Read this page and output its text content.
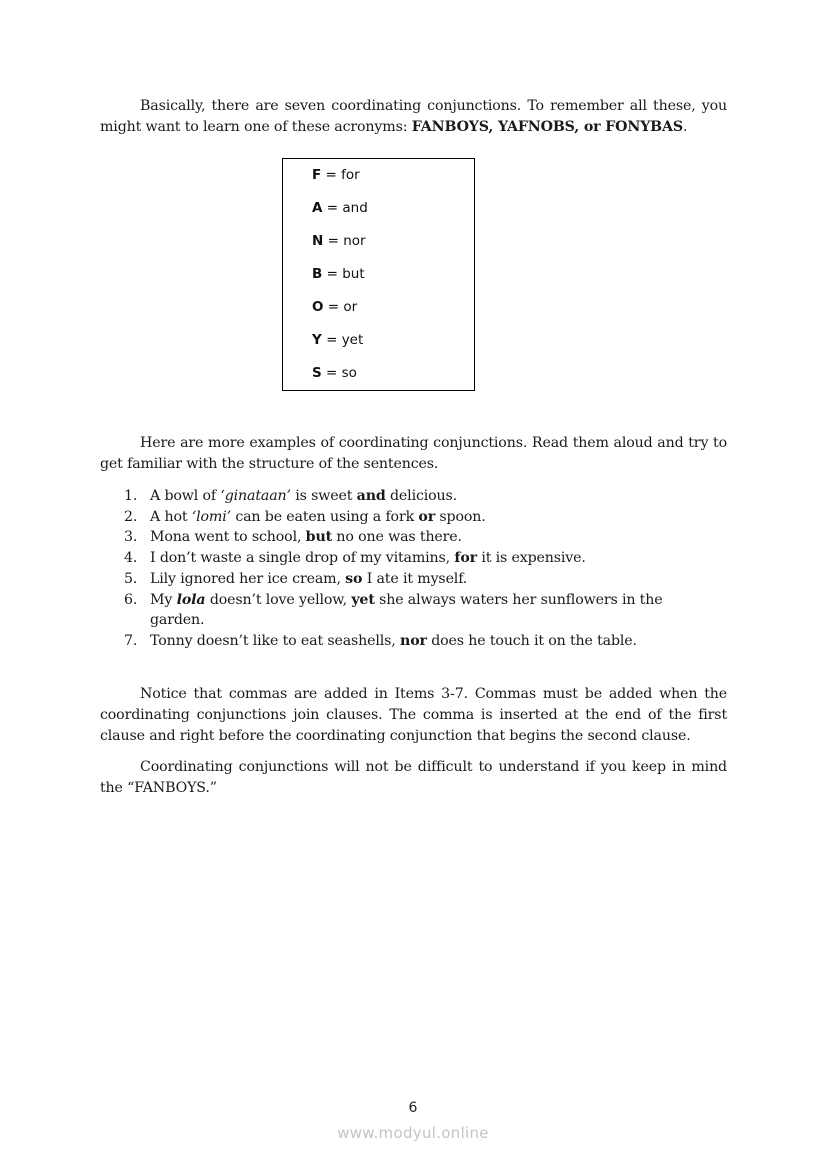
Basically, there are seven coordinating conjunctions. To remember all these, you might want to learn one of these acronyms: FANBOYS, YAFNOBS, or FONYBAS.

F = for
A = and
N = nor
B = but
O = or
Y = yet
S = so

Here are more examples of coordinating conjunctions. Read them aloud and try to get familiar with the structure of the sentences.

1. A bowl of ‘ginataan’ is sweet and delicious.
2. A hot ‘lomi’ can be eaten using a fork or spoon.
3. Mona went to school, but no one was there.
4. I don’t waste a single drop of my vitamins, for it is expensive.
5. Lily ignored her ice cream, so I ate it myself.
6. My lola doesn’t love yellow, yet she always waters her sunflowers in the garden.
7. Tonny doesn’t like to eat seashells, nor does he touch it on the table.

Notice that commas are added in Items 3-7. Commas must be added when the coordinating conjunctions join clauses. The comma is inserted at the end of the first clause and right before the coordinating conjunction that begins the second clause.

Coordinating conjunctions will not be difficult to understand if you keep in mind the “FANBOYS.”

6
www.modyul.online
